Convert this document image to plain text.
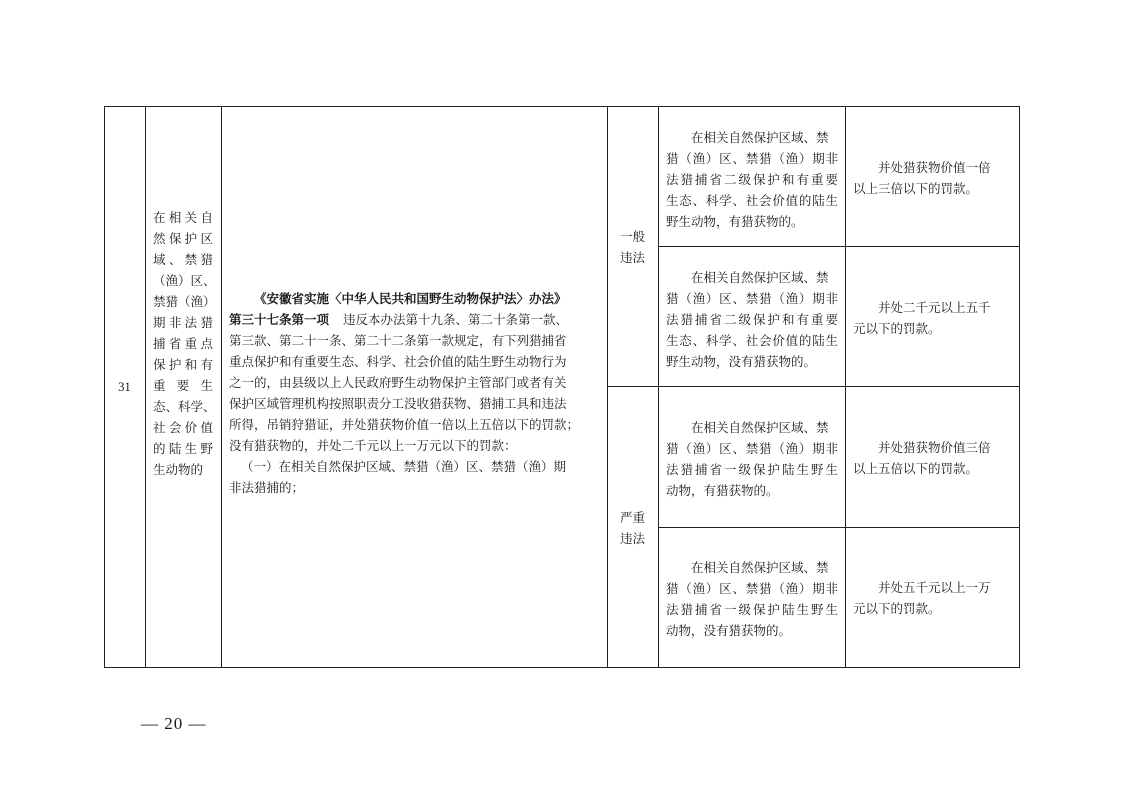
31
在相关自
然保护区
域、禁猎
（渔）区、
禁猎（渔）
期非法猎
捕省重点
保护和有
重 要 生
态、科学、
社会价值
的陆生野
生动物的
《安徽省实施〈中华人民共和国野生动物保护法〉办法》
第三十七条第一项 违反本办法第十九条、第二十条第一款、
第三款、第二十一条、第二十二条第一款规定，有下列猎捕省
重点保护和有重要生态、科学、社会价值的陆生野生动物行为
之一的，由县级以上人民政府野生动物保护主管部门或者有关
保护区域管理机构按照职责分工没收猎获物、猎捕工具和违法
所得，吊销狩猎证，并处猎获物价值一倍以上五倍以下的罚款；
没有猎获物的，并处二千元以上一万元以下的罚款：
（一）在相关自然保护区域、禁猎（渔）区、禁猎（渔）期
非法猎捕的；
一般
违法
严重
违法
在相关自然保护区域、禁
猎（渔）区、禁猎（渔）期非
法猎捕省二级保护和有重要
生态、科学、社会价值的陆生
野生动物，有猎获物的。
在相关自然保护区域、禁
猎（渔）区、禁猎（渔）期非
法猎捕省二级保护和有重要
生态、科学、社会价值的陆生
野生动物，没有猎获物的。
在相关自然保护区域、禁
猎（渔）区、禁猎（渔）期非
法猎捕省一级保护陆生野生
动物，有猎获物的。
在相关自然保护区域、禁
猎（渔）区、禁猎（渔）期非
法猎捕省一级保护陆生野生
动物，没有猎获物的。
并处猎获物价值一倍
以上三倍以下的罚款。
并处二千元以上五千
元以下的罚款。
并处猎获物价值三倍
以上五倍以下的罚款。
并处五千元以上一万
元以下的罚款。
— 20 —
